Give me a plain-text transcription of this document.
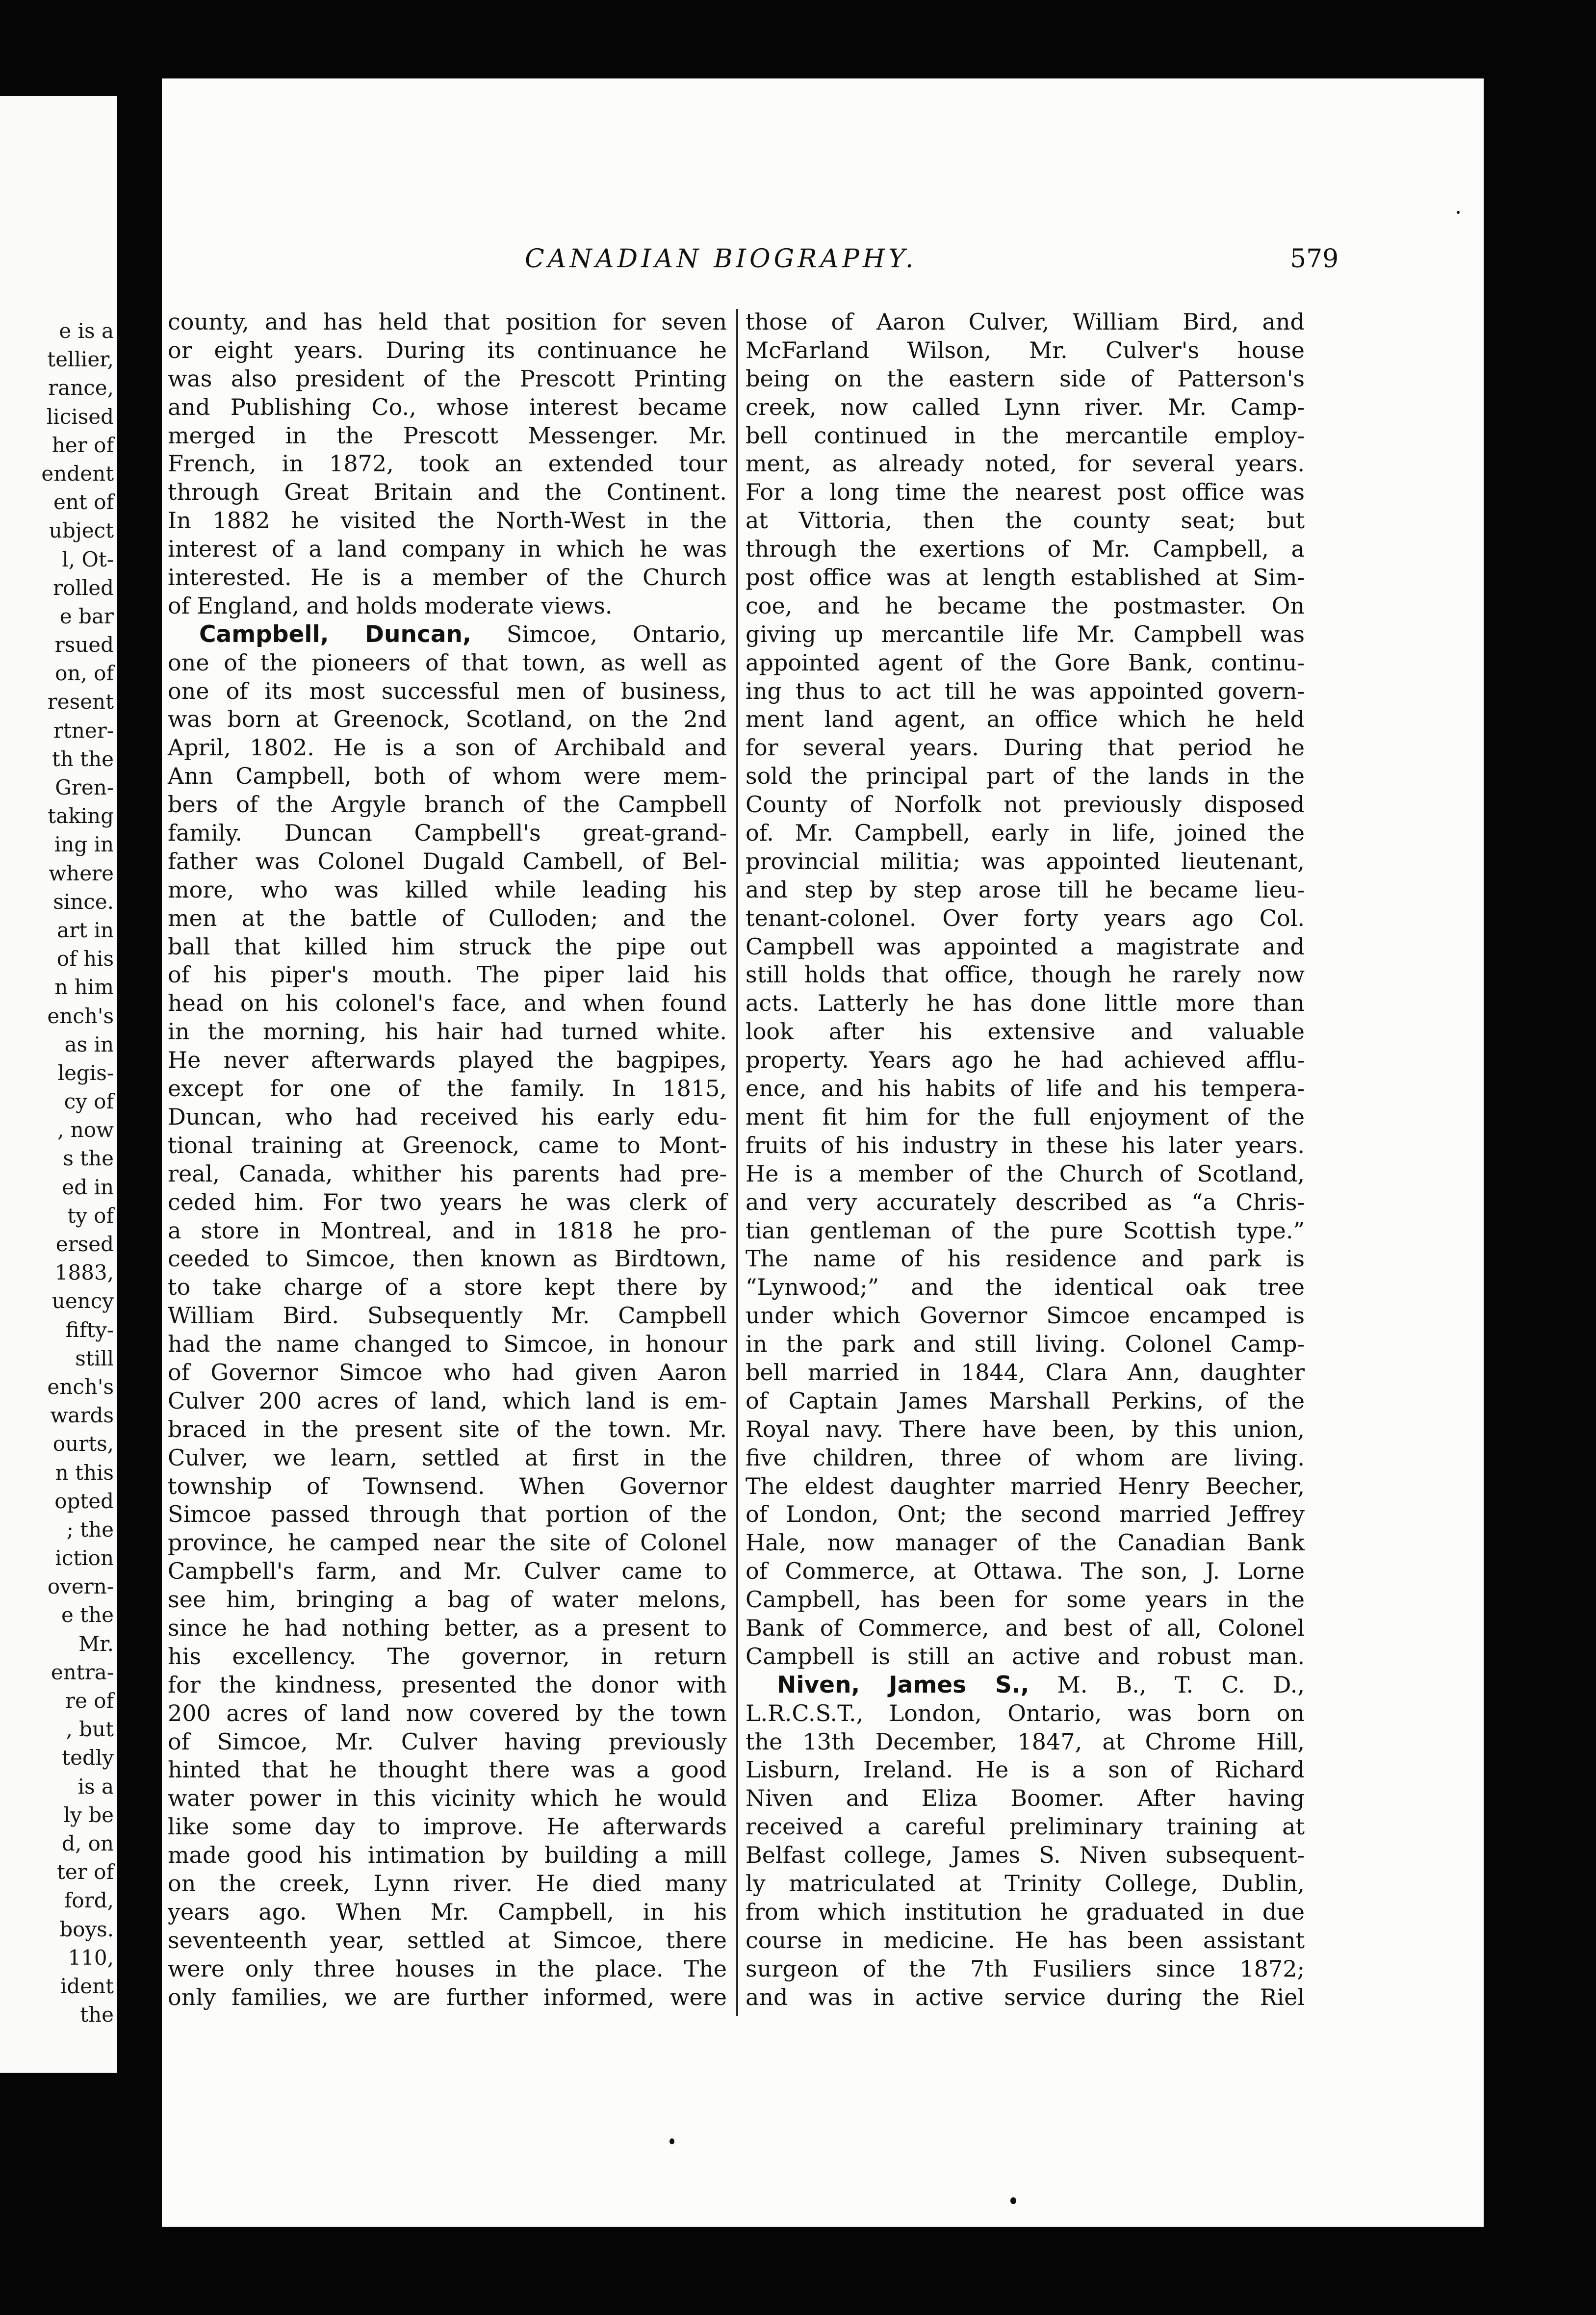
e is a
tellier,
rance,
licised
her of
endent
ent of
ubject
l, Ot-
rolled
e bar
rsued
on, of
resent
rtner-
th the
Gren-
taking
ing in
where
since.
art in
of his
n him
ench's
as in
legis-
cy of
, now
s the
ed in
ty of
ersed
1883,
uency
fifty-
still
ench's
wards
ourts,
n this
opted
; the
iction
overn-
e the
Mr.
entra-
re of
, but
tedly
is a
ly be
d, on
ter of
ford,
boys.
110,
ident
the
CANADIAN BIOGRAPHY.	579
county, and has held that position for seven
or eight years. During its continuance he
was also president of the Prescott Printing
and Publishing Co., whose interest became
merged in the Prescott Messenger. Mr.
French, in 1872, took an extended tour
through Great Britain and the Continent.
In 1882 he visited the North-West in the
interest of a land company in which he was
interested. He is a member of the Church
of England, and holds moderate views.
Campbell, Duncan, Simcoe, Ontario,
one of the pioneers of that town, as well as
one of its most successful men of business,
was born at Greenock, Scotland, on the 2nd
April, 1802. He is a son of Archibald and
Ann Campbell, both of whom were mem-
bers of the Argyle branch of the Campbell
family. Duncan Campbell's great-grand-
father was Colonel Dugald Cambell, of Bel-
more, who was killed while leading his
men at the battle of Culloden; and the
ball that killed him struck the pipe out
of his piper's mouth. The piper laid his
head on his colonel's face, and when found
in the morning, his hair had turned white.
He never afterwards played the bagpipes,
except for one of the family. In 1815,
Duncan, who had received his early edu-
tional training at Greenock, came to Mont-
real, Canada, whither his parents had pre-
ceded him. For two years he was clerk of
a store in Montreal, and in 1818 he pro-
ceeded to Simcoe, then known as Birdtown,
to take charge of a store kept there by
William Bird. Subsequently Mr. Campbell
had the name changed to Simcoe, in honour
of Governor Simcoe who had given Aaron
Culver 200 acres of land, which land is em-
braced in the present site of the town. Mr.
Culver, we learn, settled at first in the
township of Townsend. When Governor
Simcoe passed through that portion of the
province, he camped near the site of Colonel
Campbell's farm, and Mr. Culver came to
see him, bringing a bag of water melons,
since he had nothing better, as a present to
his excellency. The governor, in return
for the kindness, presented the donor with
200 acres of land now covered by the town
of Simcoe, Mr. Culver having previously
hinted that he thought there was a good
water power in this vicinity which he would
like some day to improve. He afterwards
made good his intimation by building a mill
on the creek, Lynn river. He died many
years ago. When Mr. Campbell, in his
seventeenth year, settled at Simcoe, there
were only three houses in the place. The
only families, we are further informed, were
those of Aaron Culver, William Bird, and
McFarland Wilson, Mr. Culver's house
being on the eastern side of Patterson's
creek, now called Lynn river. Mr. Camp-
bell continued in the mercantile employ-
ment, as already noted, for several years.
For a long time the nearest post office was
at Vittoria, then the county seat; but
through the exertions of Mr. Campbell, a
post office was at length established at Sim-
coe, and he became the postmaster. On
giving up mercantile life Mr. Campbell was
appointed agent of the Gore Bank, continu-
ing thus to act till he was appointed govern-
ment land agent, an office which he held
for several years. During that period he
sold the principal part of the lands in the
County of Norfolk not previously disposed
of. Mr. Campbell, early in life, joined the
provincial militia; was appointed lieutenant,
and step by step arose till he became lieu-
tenant-colonel. Over forty years ago Col.
Campbell was appointed a magistrate and
still holds that office, though he rarely now
acts. Latterly he has done little more than
look after his extensive and valuable
property. Years ago he had achieved afflu-
ence, and his habits of life and his tempera-
ment fit him for the full enjoyment of the
fruits of his industry in these his later years.
He is a member of the Church of Scotland,
and very accurately described as “a Chris-
tian gentleman of the pure Scottish type.”
The name of his residence and park is
“Lynwood;” and the identical oak tree
under which Governor Simcoe encamped is
in the park and still living. Colonel Camp-
bell married in 1844, Clara Ann, daughter
of Captain James Marshall Perkins, of the
Royal navy. There have been, by this union,
five children, three of whom are living.
The eldest daughter married Henry Beecher,
of London, Ont; the second married Jeffrey
Hale, now manager of the Canadian Bank
of Commerce, at Ottawa. The son, J. Lorne
Campbell, has been for some years in the
Bank of Commerce, and best of all, Colonel
Campbell is still an active and robust man.
Niven, James S., M. B., T. C. D.,
L.R.C.S.T., London, Ontario, was born on
the 13th December, 1847, at Chrome Hill,
Lisburn, Ireland. He is a son of Richard
Niven and Eliza Boomer. After having
received a careful preliminary training at
Belfast college, James S. Niven subsequent-
ly matriculated at Trinity College, Dublin,
from which institution he graduated in due
course in medicine. He has been assistant
surgeon of the 7th Fusiliers since 1872;
and was in active service during the Riel
